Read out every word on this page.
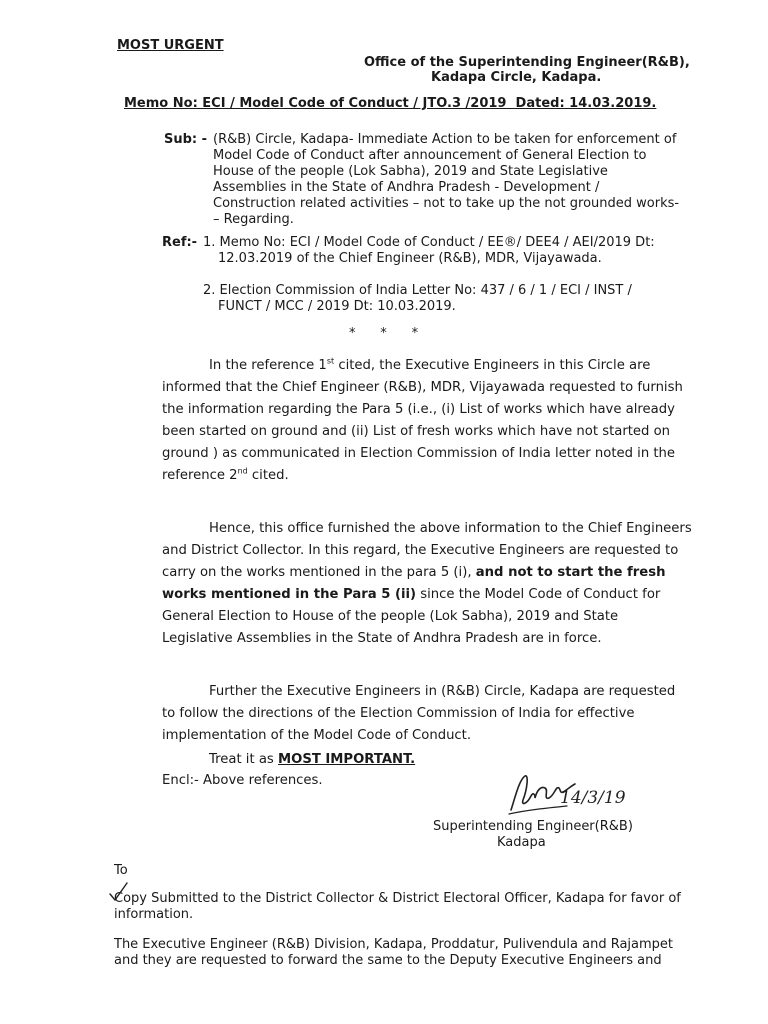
MOST URGENT
Office of the Superintending Engineer(R&B),
Kadapa Circle, Kadapa.
Memo No: ECI / Model Code of Conduct / JTO.3 /2019 Dated: 14.03.2019.
Sub: - (R&B) Circle, Kadapa- Immediate Action to be taken for enforcement of
Model Code of Conduct after announcement of General Election to
House of the people (Lok Sabha), 2019 and State Legislative
Assemblies in the State of Andhra Pradesh - Development /
Construction related activities – not to take up the not grounded works-
– Regarding.
Ref:- 1. Memo No: ECI / Model Code of Conduct / EE®/ DEE4 / AEI/2019 Dt:
12.03.2019 of the Chief Engineer (R&B), MDR, Vijayawada.
2. Election Commission of India Letter No: 437 / 6 / 1 / ECI / INST /
FUNCT / MCC / 2019 Dt: 10.03.2019.
*      *      *
In the reference 1st cited, the Executive Engineers in this Circle are
informed that the Chief Engineer (R&B), MDR, Vijayawada requested to furnish
the information regarding the Para 5 (i.e., (i) List of works which have already
been started on ground and (ii) List of fresh works which have not started on
ground ) as communicated in Election Commission of India letter noted in the
reference 2nd cited.
Hence, this office furnished the above information to the Chief Engineers
and District Collector. In this regard, the Executive Engineers are requested to
carry on the works mentioned in the para 5 (i), and not to start the fresh
works mentioned in the Para 5 (ii) since the Model Code of Conduct for
General Election to House of the people (Lok Sabha), 2019 and State
Legislative Assemblies in the State of Andhra Pradesh are in force.
Further the Executive Engineers in (R&B) Circle, Kadapa are requested
to follow the directions of the Election Commission of India for effective
implementation of the Model Code of Conduct.
Treat it as MOST IMPORTANT.
Encl:- Above references.
14/3/19
Superintending Engineer(R&B)
Kadapa
To
Copy Submitted to the District Collector & District Electoral Officer, Kadapa for favor of
information.
The Executive Engineer (R&B) Division, Kadapa, Proddatur, Pulivendula and Rajampet
and they are requested to forward the same to the Deputy Executive Engineers and
